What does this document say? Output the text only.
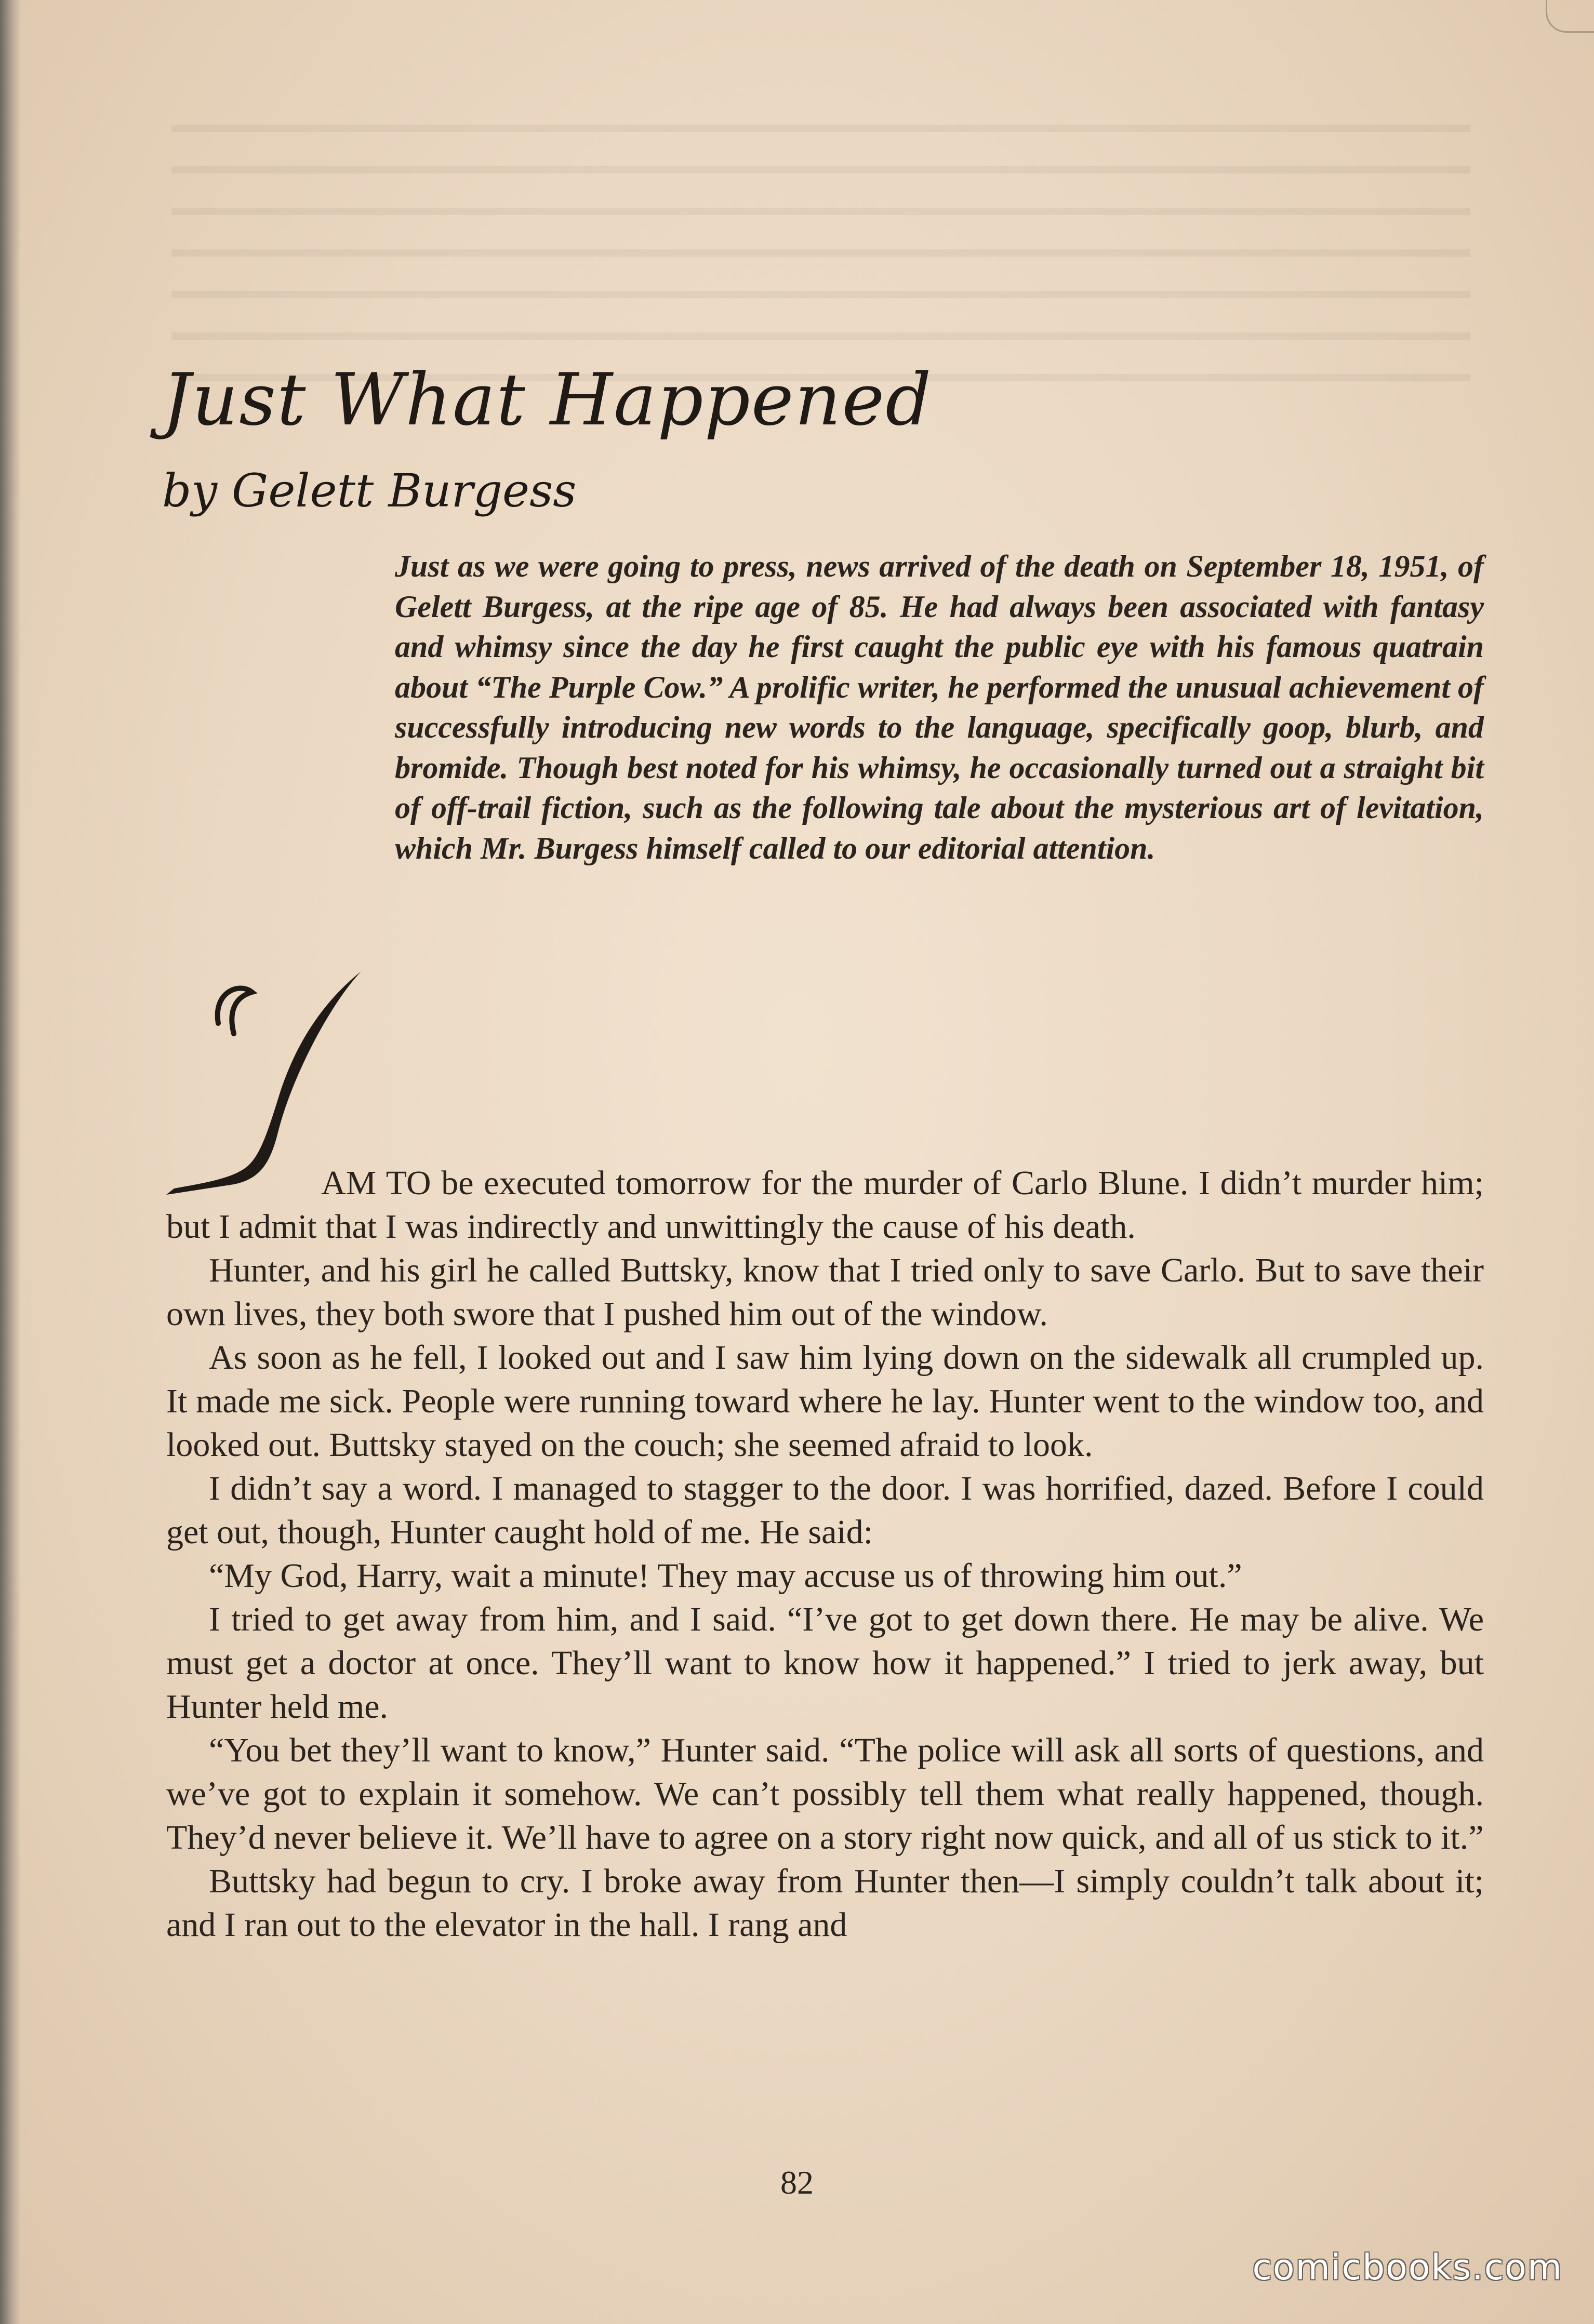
Just What Happened
by Gelett Burgess

Just as we were going to press, news arrived of the death on September 18, 1951, of Gelett Burgess, at the ripe age of 85. He had always been associated with fantasy and whimsy since the day he first caught the public eye with his famous quatrain about “The Purple Cow.” A prolific writer, he performed the unusual achievement of successfully introducing new words to the language, specifically goop, blurb, and bromide. Though best noted for his whimsy, he occasionally turned out a straight bit of off-trail fiction, such as the following tale about the mysterious art of levitation, which Mr. Burgess himself called to our editorial attention.

AM TO be executed tomorrow for the murder of Carlo Blune. I didn’t murder him; but I admit that I was indirectly and unwittingly the cause of his death.

Hunter, and his girl he called Buttsky, know that I tried only to save Carlo. But to save their own lives, they both swore that I pushed him out of the window.

As soon as he fell, I looked out and I saw him lying down on the sidewalk all crumpled up. It made me sick. People were running toward where he lay. Hunter went to the window too, and looked out. Buttsky stayed on the couch; she seemed afraid to look.

I didn’t say a word. I managed to stagger to the door. I was horrified, dazed. Before I could get out, though, Hunter caught hold of me. He said:

“My God, Harry, wait a minute! They may accuse us of throwing him out.”

I tried to get away from him, and I said. “I’ve got to get down there. He may be alive. We must get a doctor at once. They’ll want to know how it happened.” I tried to jerk away, but Hunter held me.

“You bet they’ll want to know,” Hunter said. “The police will ask all sorts of questions, and we’ve got to explain it somehow. We can’t possibly tell them what really happened, though. They’d never believe it. We’ll have to agree on a story right now quick, and all of us stick to it.”

Buttsky had begun to cry. I broke away from Hunter then—I simply couldn’t talk about it; and I ran out to the elevator in the hall. I rang and

82
comicbooks.com
